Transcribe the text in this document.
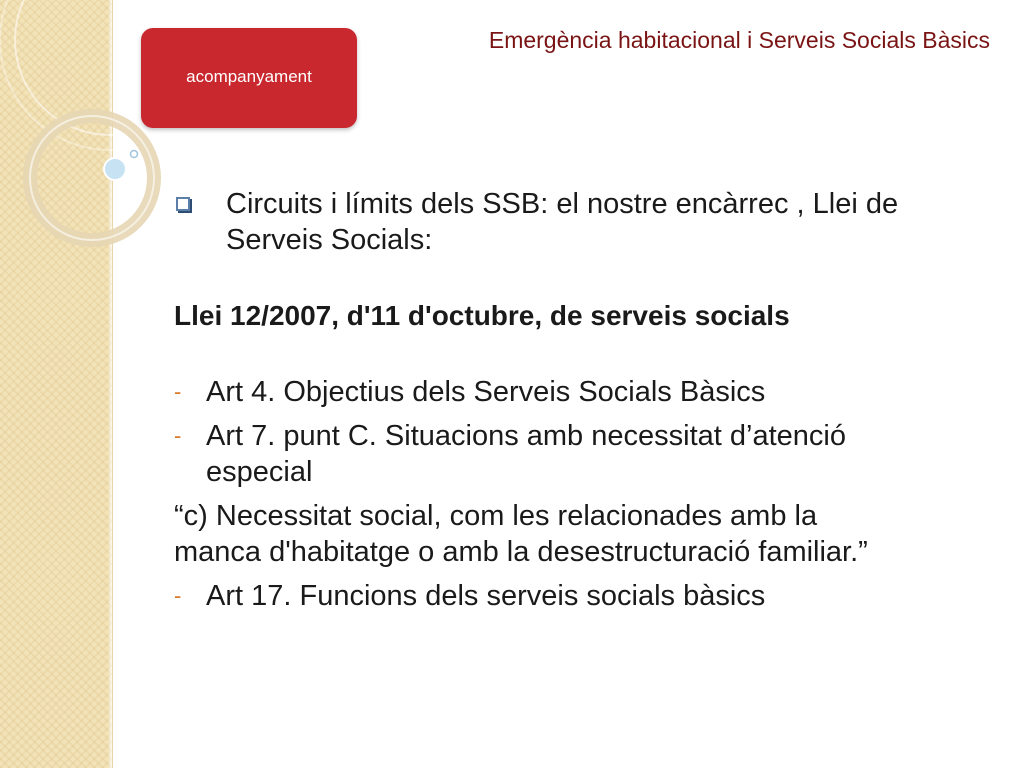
acompanyament
Emergència habitacional i Serveis Socials Bàsics
Circuits i límits dels SSB: el nostre encàrrec , Llei de
Serveis Socials:
Llei 12/2007, d'11 d'octubre, de serveis socials
- Art 4. Objectius dels Serveis Socials Bàsics
- Art 7. punt C. Situacions amb necessitat d’atenció
especial
“c) Necessitat social, com les relacionades amb la
manca d'habitatge o amb la desestructuració familiar.”
- Art 17. Funcions dels serveis socials bàsics
